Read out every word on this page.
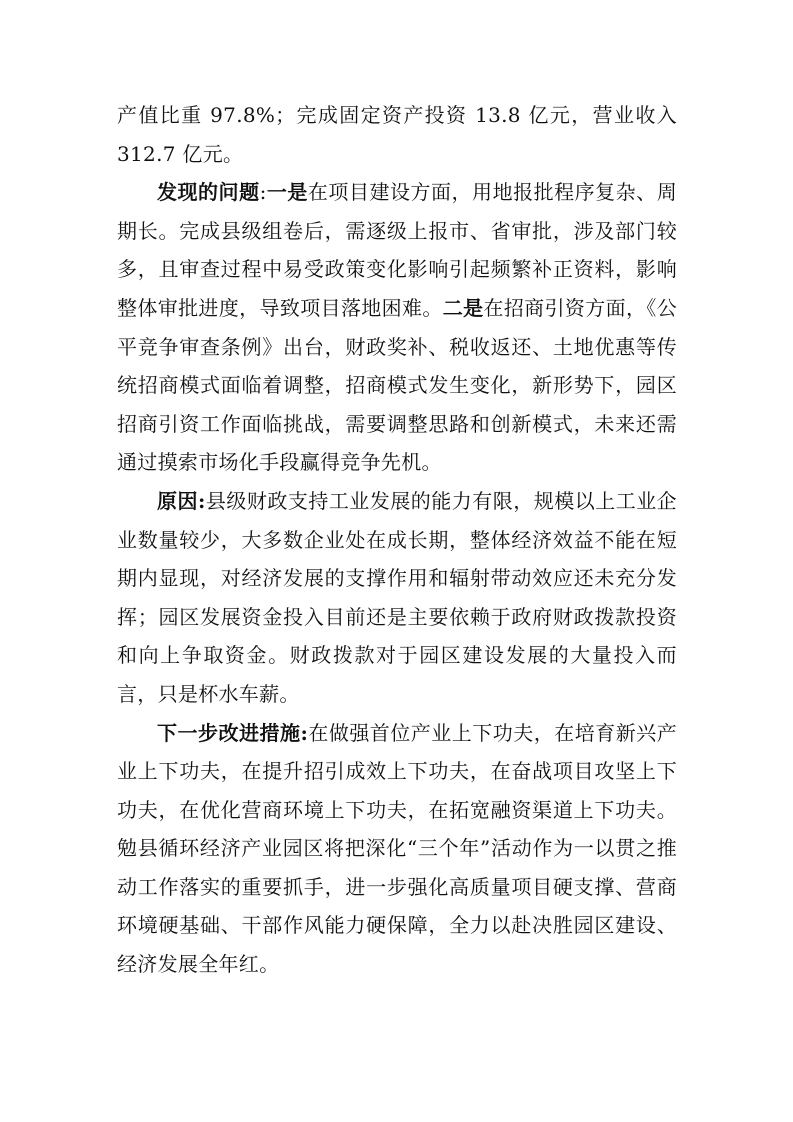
产值比重 97.8%；完成固定资产投资 13.8 亿元，营业收入 312.7 亿元。

发现的问题:一是在项目建设方面，用地报批程序复杂、周期长。完成县级组卷后，需逐级上报市、省审批，涉及部门较多，且审查过程中易受政策变化影响引起频繁补正资料，影响整体审批进度，导致项目落地困难。二是在招商引资方面，《公平竞争审查条例》出台，财政奖补、税收返还、土地优惠等传统招商模式面临着调整，招商模式发生变化，新形势下，园区招商引资工作面临挑战，需要调整思路和创新模式，未来还需通过摸索市场化手段赢得竞争先机。

原因:县级财政支持工业发展的能力有限，规模以上工业企业数量较少，大多数企业处在成长期，整体经济效益不能在短期内显现，对经济发展的支撑作用和辐射带动效应还未充分发挥；园区发展资金投入目前还是主要依赖于政府财政拨款投资和向上争取资金。财政拨款对于园区建设发展的大量投入而言，只是杯水车薪。

下一步改进措施:在做强首位产业上下功夫，在培育新兴产业上下功夫，在提升招引成效上下功夫，在奋战项目攻坚上下功夫，在优化营商环境上下功夫，在拓宽融资渠道上下功夫。勉县循环经济产业园区将把深化“三个年”活动作为一以贯之推动工作落实的重要抓手，进一步强化高质量项目硬支撑、营商环境硬基础、干部作风能力硬保障，全力以赴决胜园区建设、经济发展全年红。
